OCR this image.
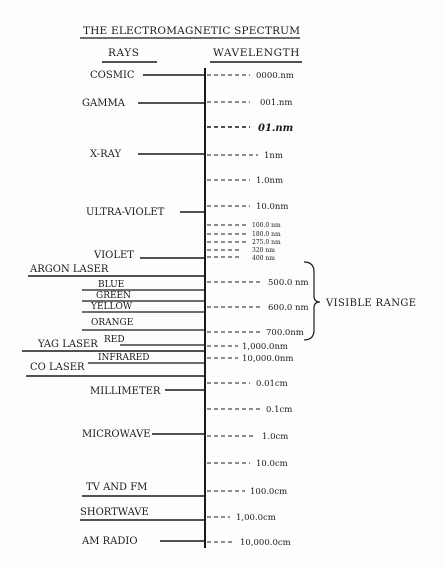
THE ELECTROMAGNETIC SPECTRUM
RAYS	WAVELENGTH
COSMIC
GAMMA
X-RAY
ULTRA-VIOLET
VIOLET
ARGON LASER
BLUE
GREEN
YELLOW
ORANGE
RED
YAG LASER
INFRARED
CO LASER
MILLIMETER
MICROWAVE
TV AND FM
SHORTWAVE
AM RADIO
0000.nm
001.nm
01.nm
1nm
1.0nm
10.0nm
100.0 nm
180.0 nm
275.0 nm
320 nm
400 nm
500.0 nm
600.0 nm
700.0nm
1,000.0nm
10,000.0nm
0.01cm
0.1cm
1.0cm
10.0cm
100.0cm
1,00.0cm
10,000.0cm
VISIBLE RANGE
